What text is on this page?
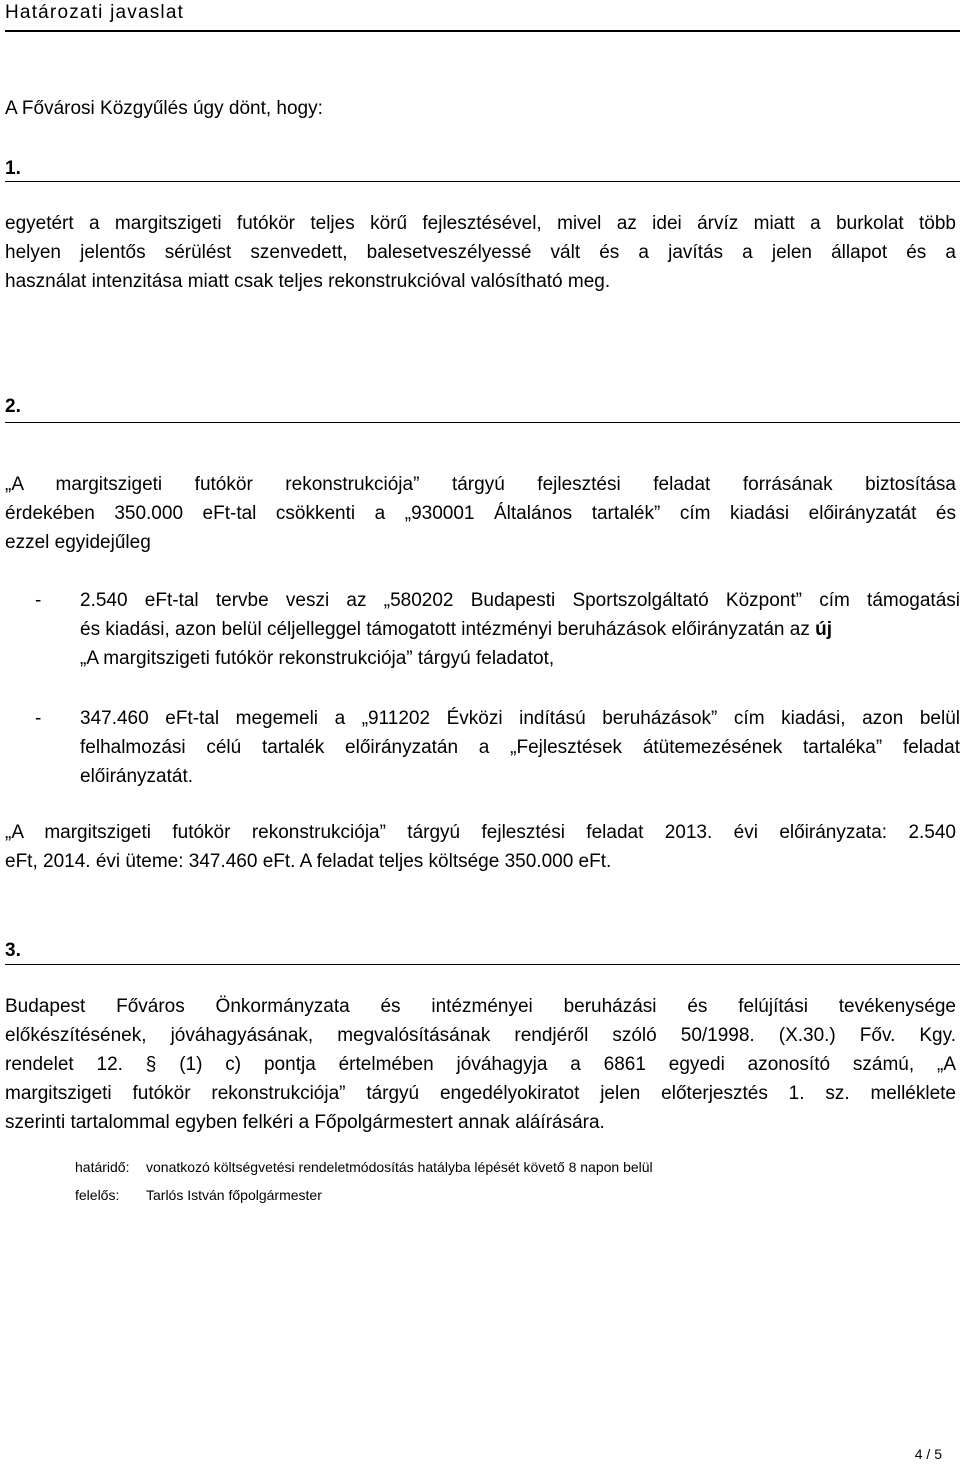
Határozati javaslat
A Fővárosi Közgyűlés úgy dönt, hogy:
1.
egyetért a margitszigeti futókör teljes körű fejlesztésével, mivel az idei árvíz miatt a burkolat több
helyen jelentős sérülést szenvedett, balesetveszélyessé vált és a javítás a jelen állapot és a
használat intenzitása miatt csak teljes rekonstrukcióval valósítható meg.
2.
„A margitszigeti futókör rekonstrukciója” tárgyú fejlesztési feladat forrásának biztosítása
érdekében 350.000 eFt-tal csökkenti a „930001 Általános tartalék” cím kiadási előirányzatát és
ezzel egyidejűleg
- 2.540 eFt-tal tervbe veszi az „580202 Budapesti Sportszolgáltató Központ” cím támogatási
és kiadási, azon belül céljelleggel támogatott intézményi beruházások előirányzatán az új
„A margitszigeti futókör rekonstrukciója” tárgyú feladatot,
- 347.460 eFt-tal megemeli a „911202 Évközi indítású beruházások” cím kiadási, azon belül
felhalmozási célú tartalék előirányzatán a „Fejlesztések átütemezésének tartaléka” feladat
előirányzatát.
„A margitszigeti futókör rekonstrukciója” tárgyú fejlesztési feladat 2013. évi előirányzata: 2.540
eFt, 2014. évi üteme: 347.460 eFt. A feladat teljes költsége 350.000 eFt.
3.
Budapest Főváros Önkormányzata és intézményei beruházási és felújítási tevékenysége
előkészítésének, jóváhagyásának, megvalósításának rendjéről szóló 50/1998. (X.30.) Főv. Kgy.
rendelet 12. § (1) c) pontja értelmében jóváhagyja a 6861 egyedi azonosító számú, „A
margitszigeti futókör rekonstrukciója” tárgyú engedélyokiratot jelen előterjesztés 1. sz. melléklete
szerinti tartalommal egyben felkéri a Főpolgármestert annak aláírására.
határidő: vonatkozó költségvetési rendeletmódosítás hatályba lépését követő 8 napon belül
felelős: Tarlós István főpolgármester
4 / 5
